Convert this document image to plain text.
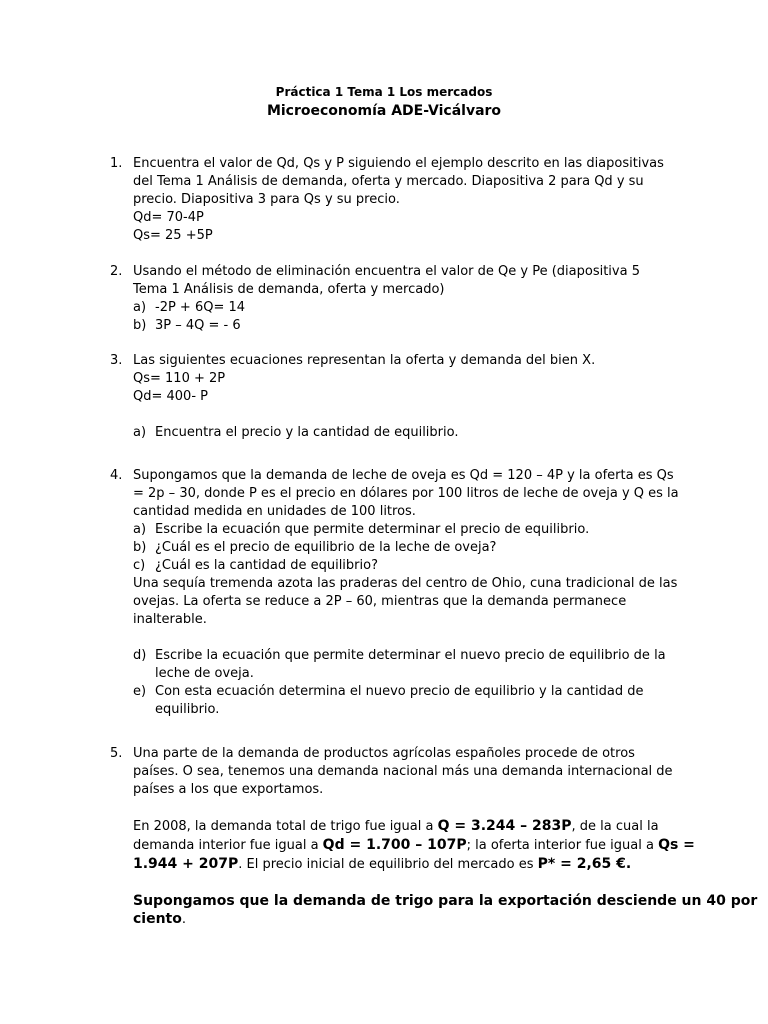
Práctica 1 Tema 1 Los mercados
Microeconomía ADE-Vicálvaro
1. Encuentra el valor de Qd, Qs y P siguiendo el ejemplo descrito en las diapositivas
del Tema 1 Análisis de demanda, oferta y mercado. Diapositiva 2 para Qd y su
precio. Diapositiva 3 para Qs y su precio.
Qd= 70-4P
Qs= 25 +5P
2. Usando el método de eliminación encuentra el valor de Qe y Pe (diapositiva 5
Tema 1 Análisis de demanda, oferta y mercado)
a) -2P + 6Q= 14
b) 3P – 4Q = - 6
3. Las siguientes ecuaciones representan la oferta y demanda del bien X.
Qs= 110 + 2P
Qd= 400- P
a) Encuentra el precio y la cantidad de equilibrio.
4. Supongamos que la demanda de leche de oveja es Qd = 120 – 4P y la oferta es Qs
= 2p – 30, donde P es el precio en dólares por 100 litros de leche de oveja y Q es la
cantidad medida en unidades de 100 litros.
a) Escribe la ecuación que permite determinar el precio de equilibrio.
b) ¿Cuál es el precio de equilibrio de la leche de oveja?
c) ¿Cuál es la cantidad de equilibrio?
Una sequía tremenda azota las praderas del centro de Ohio, cuna tradicional de las
ovejas. La oferta se reduce a 2P – 60, mientras que la demanda permanece
inalterable.
d) Escribe la ecuación que permite determinar el nuevo precio de equilibrio de la
leche de oveja.
e) Con esta ecuación determina el nuevo precio de equilibrio y la cantidad de
equilibrio.
5. Una parte de la demanda de productos agrícolas españoles procede de otros
países. O sea, tenemos una demanda nacional más una demanda internacional de
países a los que exportamos.
En 2008, la demanda total de trigo fue igual a Q = 3.244 – 283P, de la cual la
demanda interior fue igual a Qd = 1.700 – 107P; la oferta interior fue igual a Qs =
1.944 + 207P. El precio inicial de equilibrio del mercado es P* = 2,65 €.
Supongamos que la demanda de trigo para la exportación desciende un 40 por
ciento.
